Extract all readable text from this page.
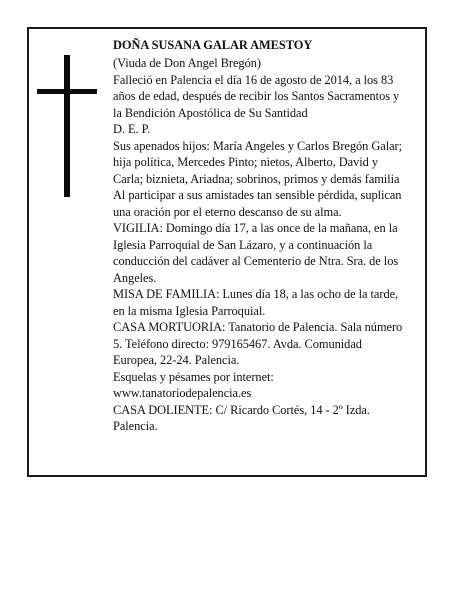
DOÑA SUSANA GALAR AMESTOY

(Viuda de Don Angel Bregón)

Falleció en Palencia el día 16 de agosto de 2014, a los 83 años de edad, después de recibir los Santos Sacramentos y la Bendición Apostólica de Su Santidad

D. E. P.

Sus apenados hijos: María Angeles y Carlos Bregón Galar; hija política, Mercedes Pinto; nietos, Alberto, David y Carla; biznieta, Ariadna; sobrinos, primos y demás familia

Al participar a sus amistades tan sensible pérdida, suplican una oración por el eterno descanso de su alma.

VIGILIA: Domingo día 17, a las once de la mañana, en la Iglesia Parroquial de San Lázaro, y a continuación la conducción del cadáver al Cementerio de Ntra. Sra. de los Angeles.

MISA DE FAMILIA: Lunes día 18, a las ocho de la tarde, en la misma Iglesia Parroquial.

CASA MORTUORIA: Tanatorio de Palencia. Sala número 5. Teléfono directo: 979165467. Avda. Comunidad Europea, 22-24. Palencia.

Esquelas y pésames por internet:

www.tanatoriodepalencia.es

CASA DOLIENTE: C/ Ricardo Cortés, 14 - 2º Izda. Palencia.
